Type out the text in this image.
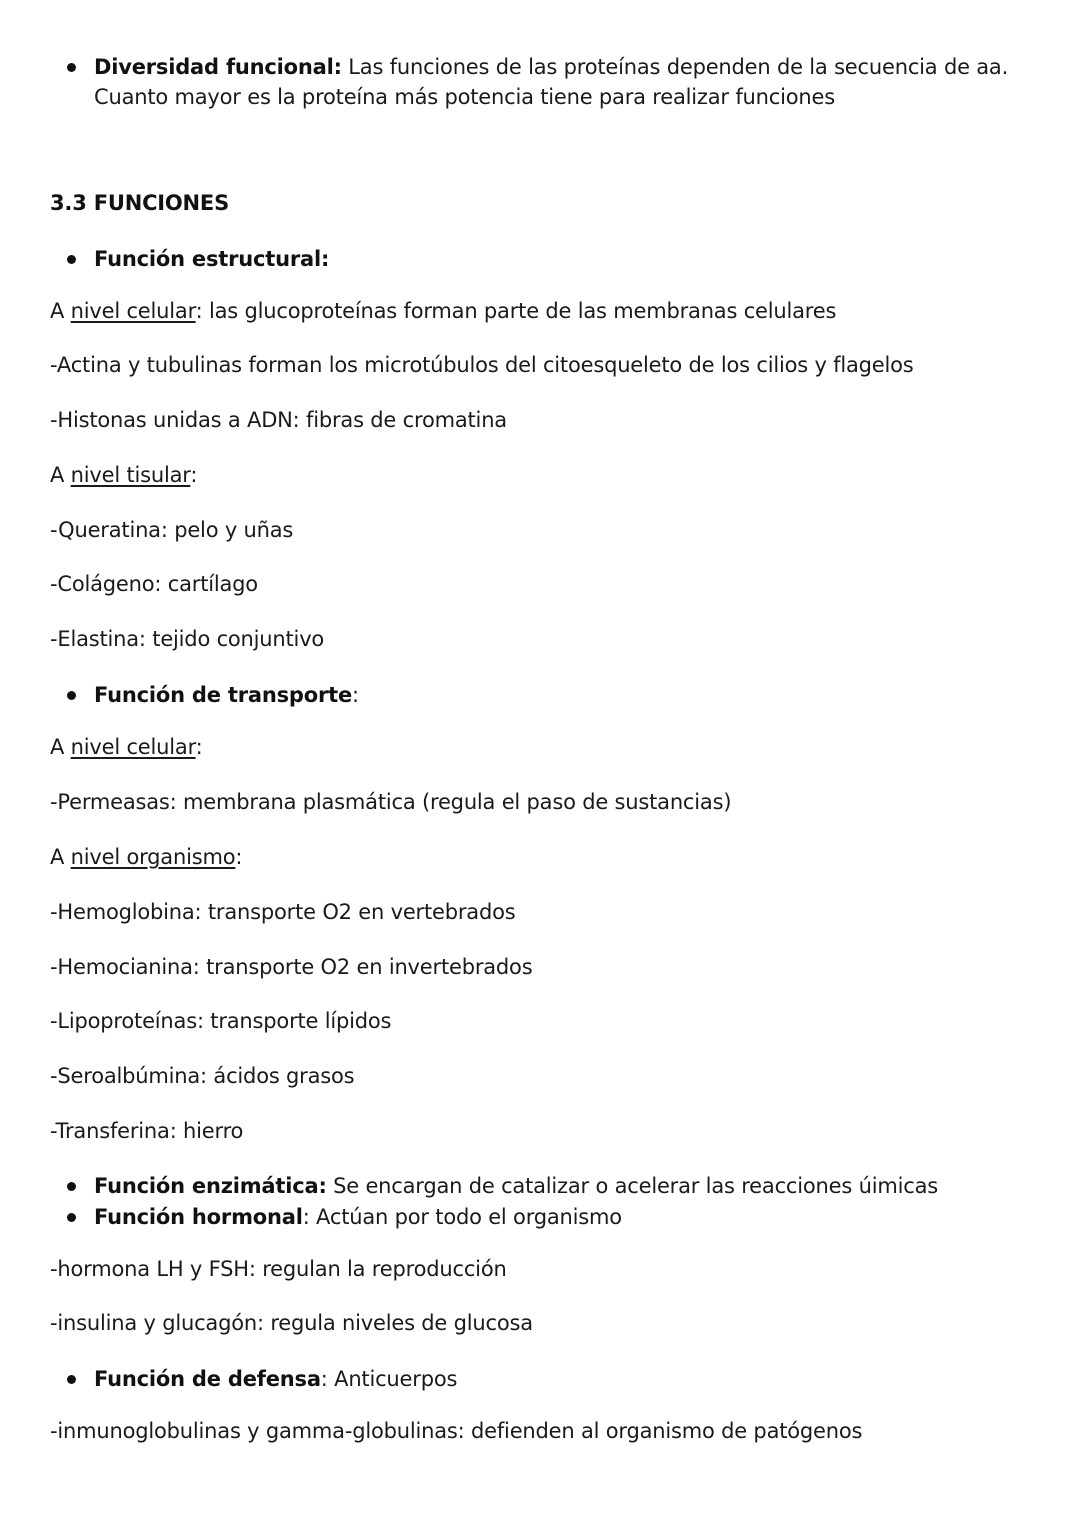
Diversidad funcional: Las funciones de las proteínas dependen de la secuencia de aa.
Cuanto mayor es la proteína más potencia tiene para realizar funciones
3.3 FUNCIONES
Función estructural:
A nivel celular: las glucoproteínas forman parte de las membranas celulares
-Actina y tubulinas forman los microtúbulos del citoesqueleto de los cilios y flagelos
-Histonas unidas a ADN: fibras de cromatina
A nivel tisular:
-Queratina: pelo y uñas
-Colágeno: cartílago
-Elastina: tejido conjuntivo
Función de transporte:
A nivel celular:
-Permeasas: membrana plasmática (regula el paso de sustancias)
A nivel organismo:
-Hemoglobina: transporte O2 en vertebrados
-Hemocianina: transporte O2 en invertebrados
-Lipoproteínas: transporte lípidos
-Seroalbúmina: ácidos grasos
-Transferina: hierro
Función enzimática: Se encargan de catalizar o acelerar las reacciones úimicas
Función hormonal: Actúan por todo el organismo
-hormona LH y FSH: regulan la reproducción
-insulina y glucagón: regula niveles de glucosa
Función de defensa: Anticuerpos
-inmunoglobulinas y gamma-globulinas: defienden al organismo de patógenos
